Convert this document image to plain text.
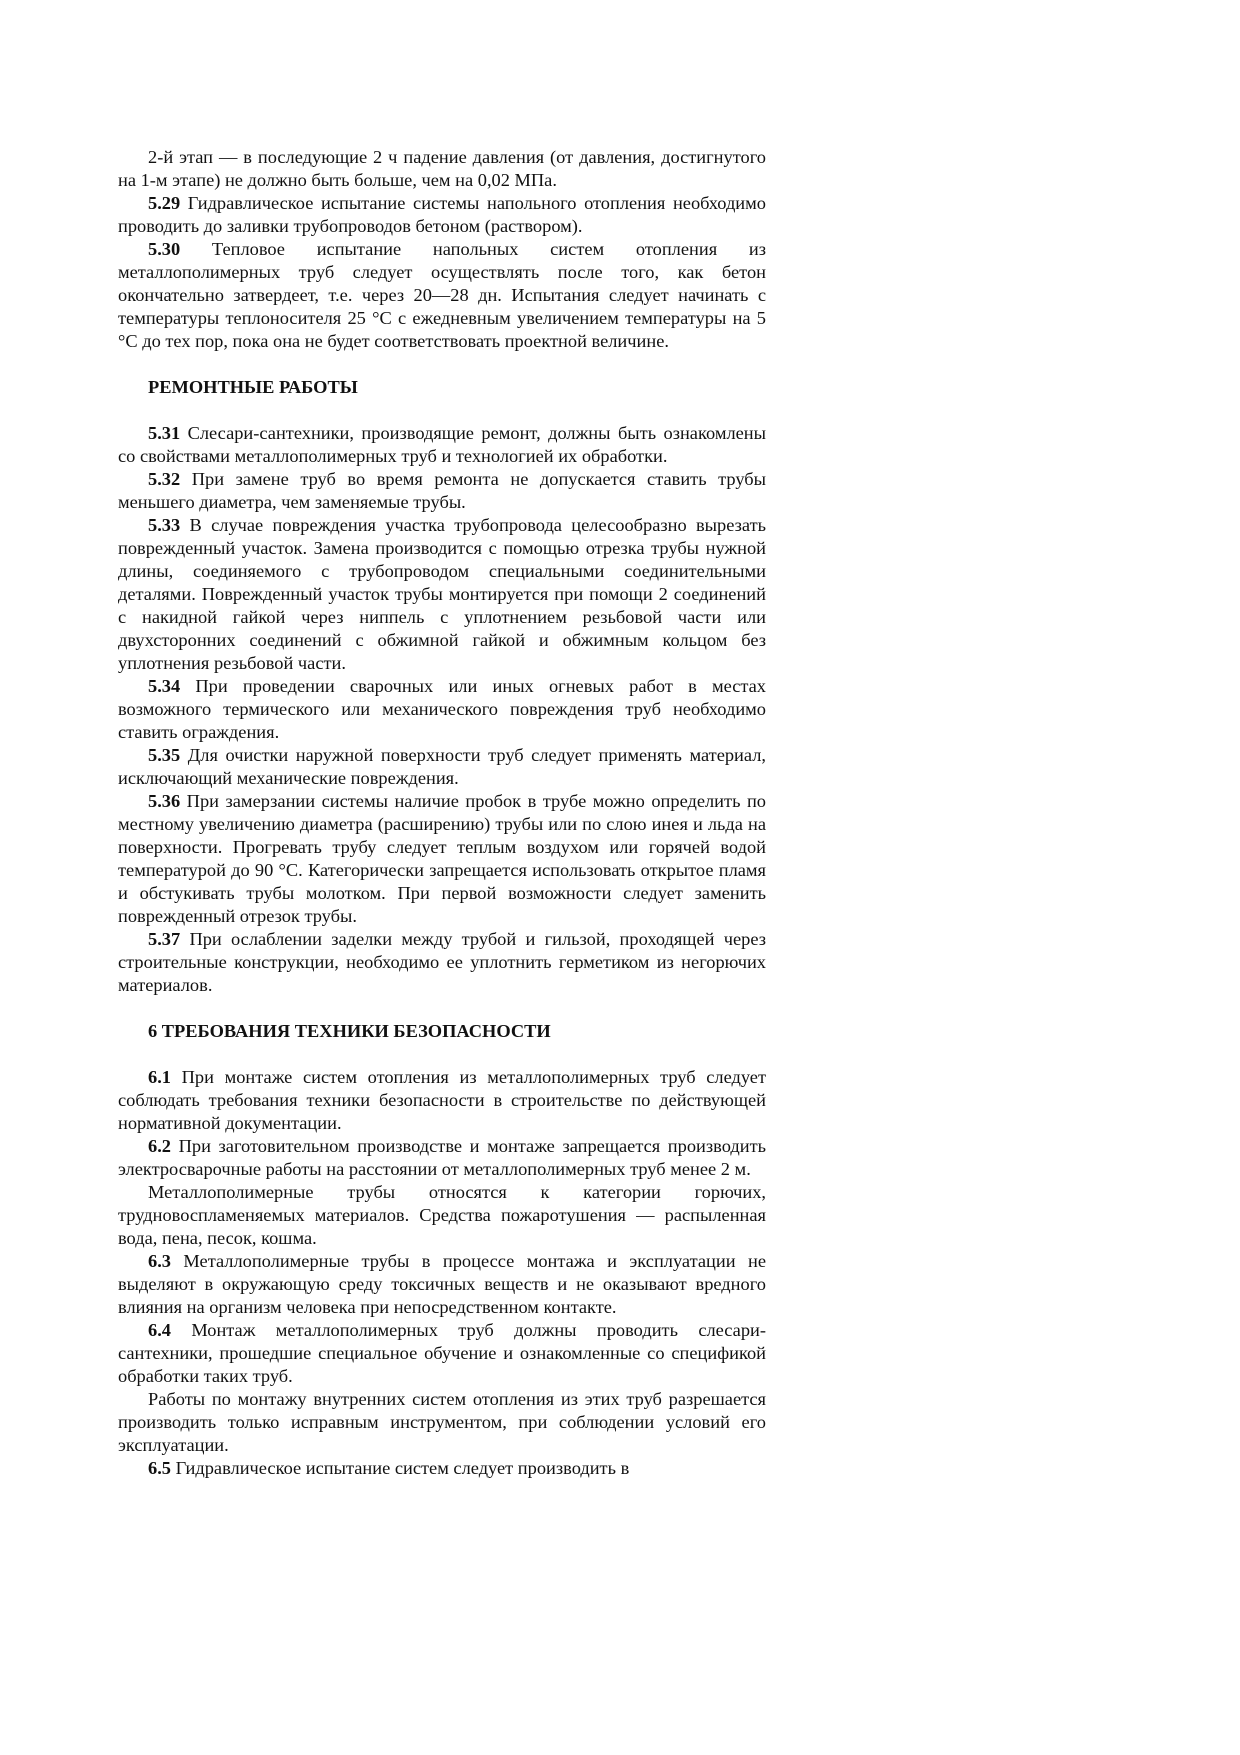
2-й этап — в последующие 2 ч падение давления (от давления, достигнутого на 1-м этапе) не должно быть больше, чем на 0,02 МПа.

5.29 Гидравлическое испытание системы напольного отопления необходимо проводить до заливки трубопроводов бетоном (раствором).

5.30 Тепловое испытание напольных систем отопления из металлополимерных труб следует осуществлять после того, как бетон окончательно затвердеет, т.е. через 20—28 дн. Испытания следует начинать с температуры теплоносителя 25 °С с ежедневным увеличением температуры на 5 °С до тех пор, пока она не будет соответствовать проектной величине.

РЕМОНТНЫЕ РАБОТЫ

5.31 Слесари-сантехники, производящие ремонт, должны быть ознакомлены со свойствами металлополимерных труб и технологией их обработки.

5.32 При замене труб во время ремонта не допускается ставить трубы меньшего диаметра, чем заменяемые трубы.

5.33 В случае повреждения участка трубопровода целесообразно вырезать поврежденный участок. Замена производится с помощью отрезка трубы нужной длины, соединяемого с трубопроводом специальными соединительными деталями. Поврежденный участок трубы монтируется при помощи 2 соединений с накидной гайкой через ниппель с уплотнением резьбовой части или двухсторонних соединений с обжимной гайкой и обжимным кольцом без уплотнения резьбовой части.

5.34 При проведении сварочных или иных огневых работ в местах возможного термического или механического повреждения труб необходимо ставить ограждения.

5.35 Для очистки наружной поверхности труб следует применять материал, исключающий механические повреждения.

5.36 При замерзании системы наличие пробок в трубе можно определить по местному увеличению диаметра (расширению) трубы или по слою инея и льда на поверхности. Прогревать трубу следует теплым воздухом или горячей водой температурой до 90 °С. Категорически запрещается использовать открытое пламя и обстукивать трубы молотком. При первой возможности следует заменить поврежденный отрезок трубы.

5.37 При ослаблении заделки между трубой и гильзой, проходящей через строительные конструкции, необходимо ее уплотнить герметиком из негорючих материалов.

6 ТРЕБОВАНИЯ ТЕХНИКИ БЕЗОПАСНОСТИ

6.1 При монтаже систем отопления из металлополимерных труб следует соблюдать требования техники безопасности в строительстве по действующей нормативной документации.

6.2 При заготовительном производстве и монтаже запрещается производить электросварочные работы на расстоянии от металлополимерных труб менее 2 м.

Металлополимерные трубы относятся к категории горючих, трудновоспламеняемых материалов. Средства пожаротушения — распыленная вода, пена, песок, кошма.

6.3 Металлополимерные трубы в процессе монтажа и эксплуатации не выделяют в окружающую среду токсичных веществ и не оказывают вредного влияния на организм человека при непосредственном контакте.

6.4 Монтаж металлополимерных труб должны проводить слесари-сантехники, прошедшие специальное обучение и ознакомленные со спецификой обработки таких труб.

Работы по монтажу внутренних систем отопления из этих труб разрешается производить только исправным инструментом, при соблюдении условий его эксплуатации.

6.5 Гидравлическое испытание систем следует производить в
